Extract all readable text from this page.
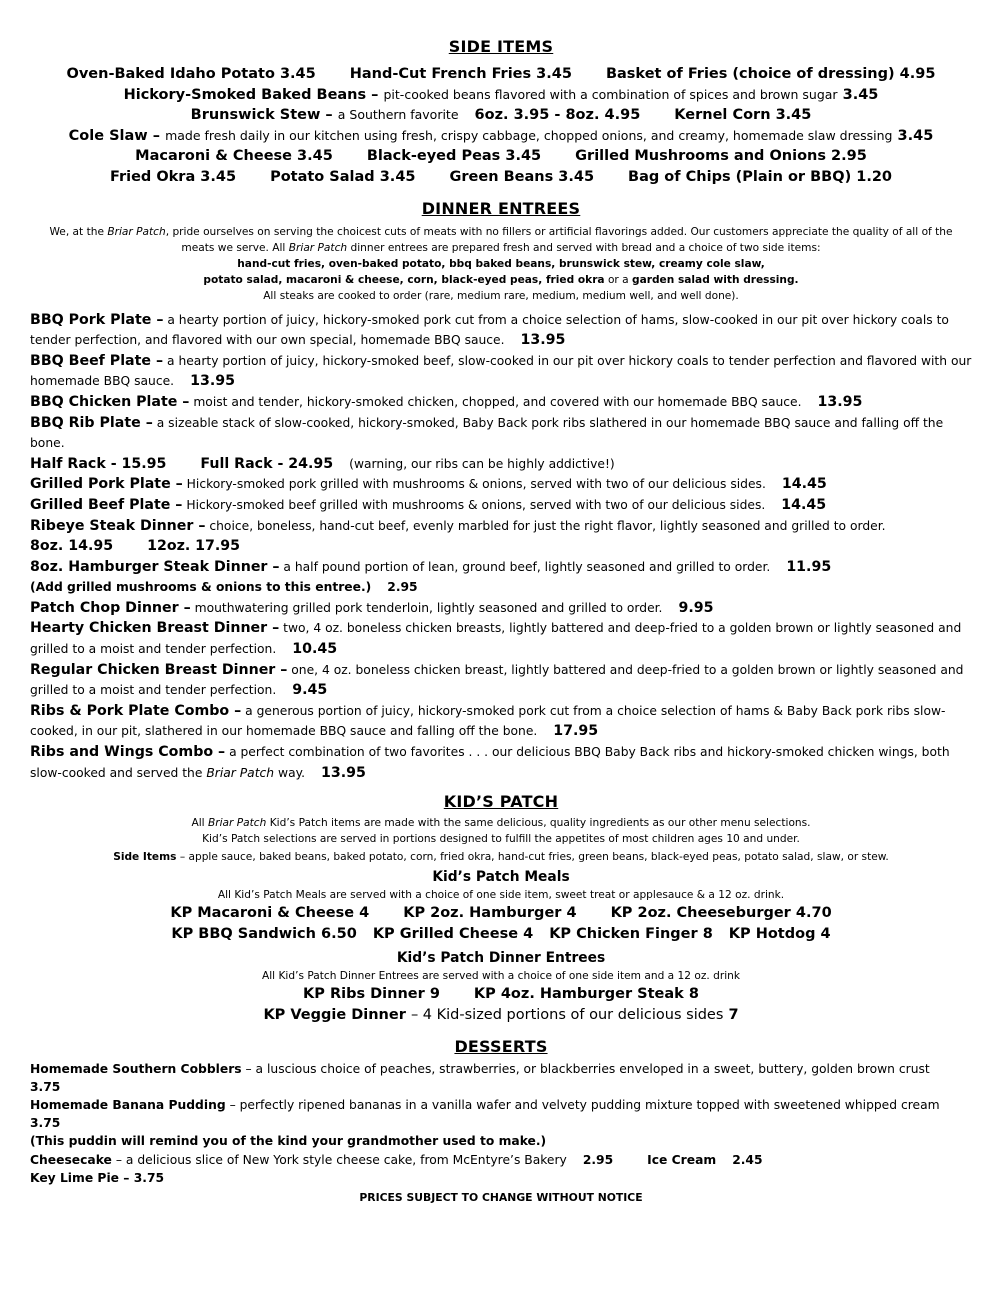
SIDE ITEMS
Oven-Baked Idaho Potato 3.45 Hand-Cut French Fries 3.45 Basket of Fries (choice of dressing) 4.95
Hickory-Smoked Baked Beans – pit-cooked beans flavored with a combination of spices and brown sugar 3.45
Brunswick Stew – a Southern favorite 6oz. 3.95 - 8oz. 4.95 Kernel Corn 3.45
Cole Slaw – made fresh daily in our kitchen using fresh, crispy cabbage, chopped onions, and creamy, homemade slaw dressing 3.45
Macaroni & Cheese 3.45 Black-eyed Peas 3.45 Grilled Mushrooms and Onions 2.95
Fried Okra 3.45 Potato Salad 3.45 Green Beans 3.45 Bag of Chips (Plain or BBQ) 1.20
DINNER ENTREES
We, at the Briar Patch, pride ourselves on serving the choicest cuts of meats with no fillers or artificial flavorings added. Our customers appreciate the quality of all of the
meats we serve. All Briar Patch dinner entrees are prepared fresh and served with bread and a choice of two side items:
hand-cut fries, oven-baked potato, bbq baked beans, brunswick stew, creamy cole slaw,
potato salad, macaroni & cheese, corn, black-eyed peas, fried okra or a garden salad with dressing.
All steaks are cooked to order (rare, medium rare, medium, medium well, and well done).
BBQ Pork Plate – a hearty portion of juicy, hickory-smoked pork cut from a choice selection of hams, slow-cooked in our pit over hickory coals to tender perfection, and flavored with our own special, homemade BBQ sauce. 13.95
BBQ Beef Plate – a hearty portion of juicy, hickory-smoked beef, slow-cooked in our pit over hickory coals to tender perfection and flavored with our homemade BBQ sauce. 13.95
BBQ Chicken Plate – moist and tender, hickory-smoked chicken, chopped, and covered with our homemade BBQ sauce. 13.95
BBQ Rib Plate – a sizeable stack of slow-cooked, hickory-smoked, Baby Back pork ribs slathered in our homemade BBQ sauce and falling off the bone.
Half Rack - 15.95 Full Rack - 24.95 (warning, our ribs can be highly addictive!)
Grilled Pork Plate – Hickory-smoked pork grilled with mushrooms & onions, served with two of our delicious sides. 14.45
Grilled Beef Plate – Hickory-smoked beef grilled with mushrooms & onions, served with two of our delicious sides. 14.45
Ribeye Steak Dinner – choice, boneless, hand-cut beef, evenly marbled for just the right flavor, lightly seasoned and grilled to order.
8oz. 14.95 12oz. 17.95
8oz. Hamburger Steak Dinner – a half pound portion of lean, ground beef, lightly seasoned and grilled to order. 11.95
(Add grilled mushrooms & onions to this entree.) 2.95
Patch Chop Dinner – mouthwatering grilled pork tenderloin, lightly seasoned and grilled to order. 9.95
Hearty Chicken Breast Dinner – two, 4 oz. boneless chicken breasts, lightly battered and deep-fried to a golden brown or lightly seasoned and grilled to a moist and tender perfection. 10.45
Regular Chicken Breast Dinner – one, 4 oz. boneless chicken breast, lightly battered and deep-fried to a golden brown or lightly seasoned and grilled to a moist and tender perfection. 9.45
Ribs & Pork Plate Combo – a generous portion of juicy, hickory-smoked pork cut from a choice selection of hams & Baby Back pork ribs slow-cooked, in our pit, slathered in our homemade BBQ sauce and falling off the bone. 17.95
Ribs and Wings Combo – a perfect combination of two favorites . . . our delicious BBQ Baby Back ribs and hickory-smoked chicken wings, both slow-cooked and served the Briar Patch way. 13.95
KID’S PATCH
All Briar Patch Kid’s Patch items are made with the same delicious, quality ingredients as our other menu selections.
Kid’s Patch selections are served in portions designed to fulfill the appetites of most children ages 10 and under.
Side Items – apple sauce, baked beans, baked potato, corn, fried okra, hand-cut fries, green beans, black-eyed peas, potato salad, slaw, or stew.
Kid’s Patch Meals
All Kid’s Patch Meals are served with a choice of one side item, sweet treat or applesauce & a 12 oz. drink.
KP Macaroni & Cheese 4 KP 2oz. Hamburger 4 KP 2oz. Cheeseburger 4.70
KP BBQ Sandwich 6.50 KP Grilled Cheese 4 KP Chicken Finger 8 KP Hotdog 4
Kid’s Patch Dinner Entrees
All Kid’s Patch Dinner Entrees are served with a choice of one side item and a 12 oz. drink
KP Ribs Dinner 9 KP 4oz. Hamburger Steak 8
KP Veggie Dinner – 4 Kid-sized portions of our delicious sides 7
DESSERTS
Homemade Southern Cobblers – a luscious choice of peaches, strawberries, or blackberries enveloped in a sweet, buttery, golden brown crust3.75
Homemade Banana Pudding – perfectly ripened bananas in a vanilla wafer and velvety pudding mixture topped with sweetened whipped cream3.75
(This puddin will remind you of the kind your grandmother used to make.)
Cheesecake – a delicious slice of New York style cheese cake, from McEntyre’s Bakery 2.95	Ice Cream 2.45
Key Lime Pie – 3.75
PRICES SUBJECT TO CHANGE WITHOUT NOTICE
